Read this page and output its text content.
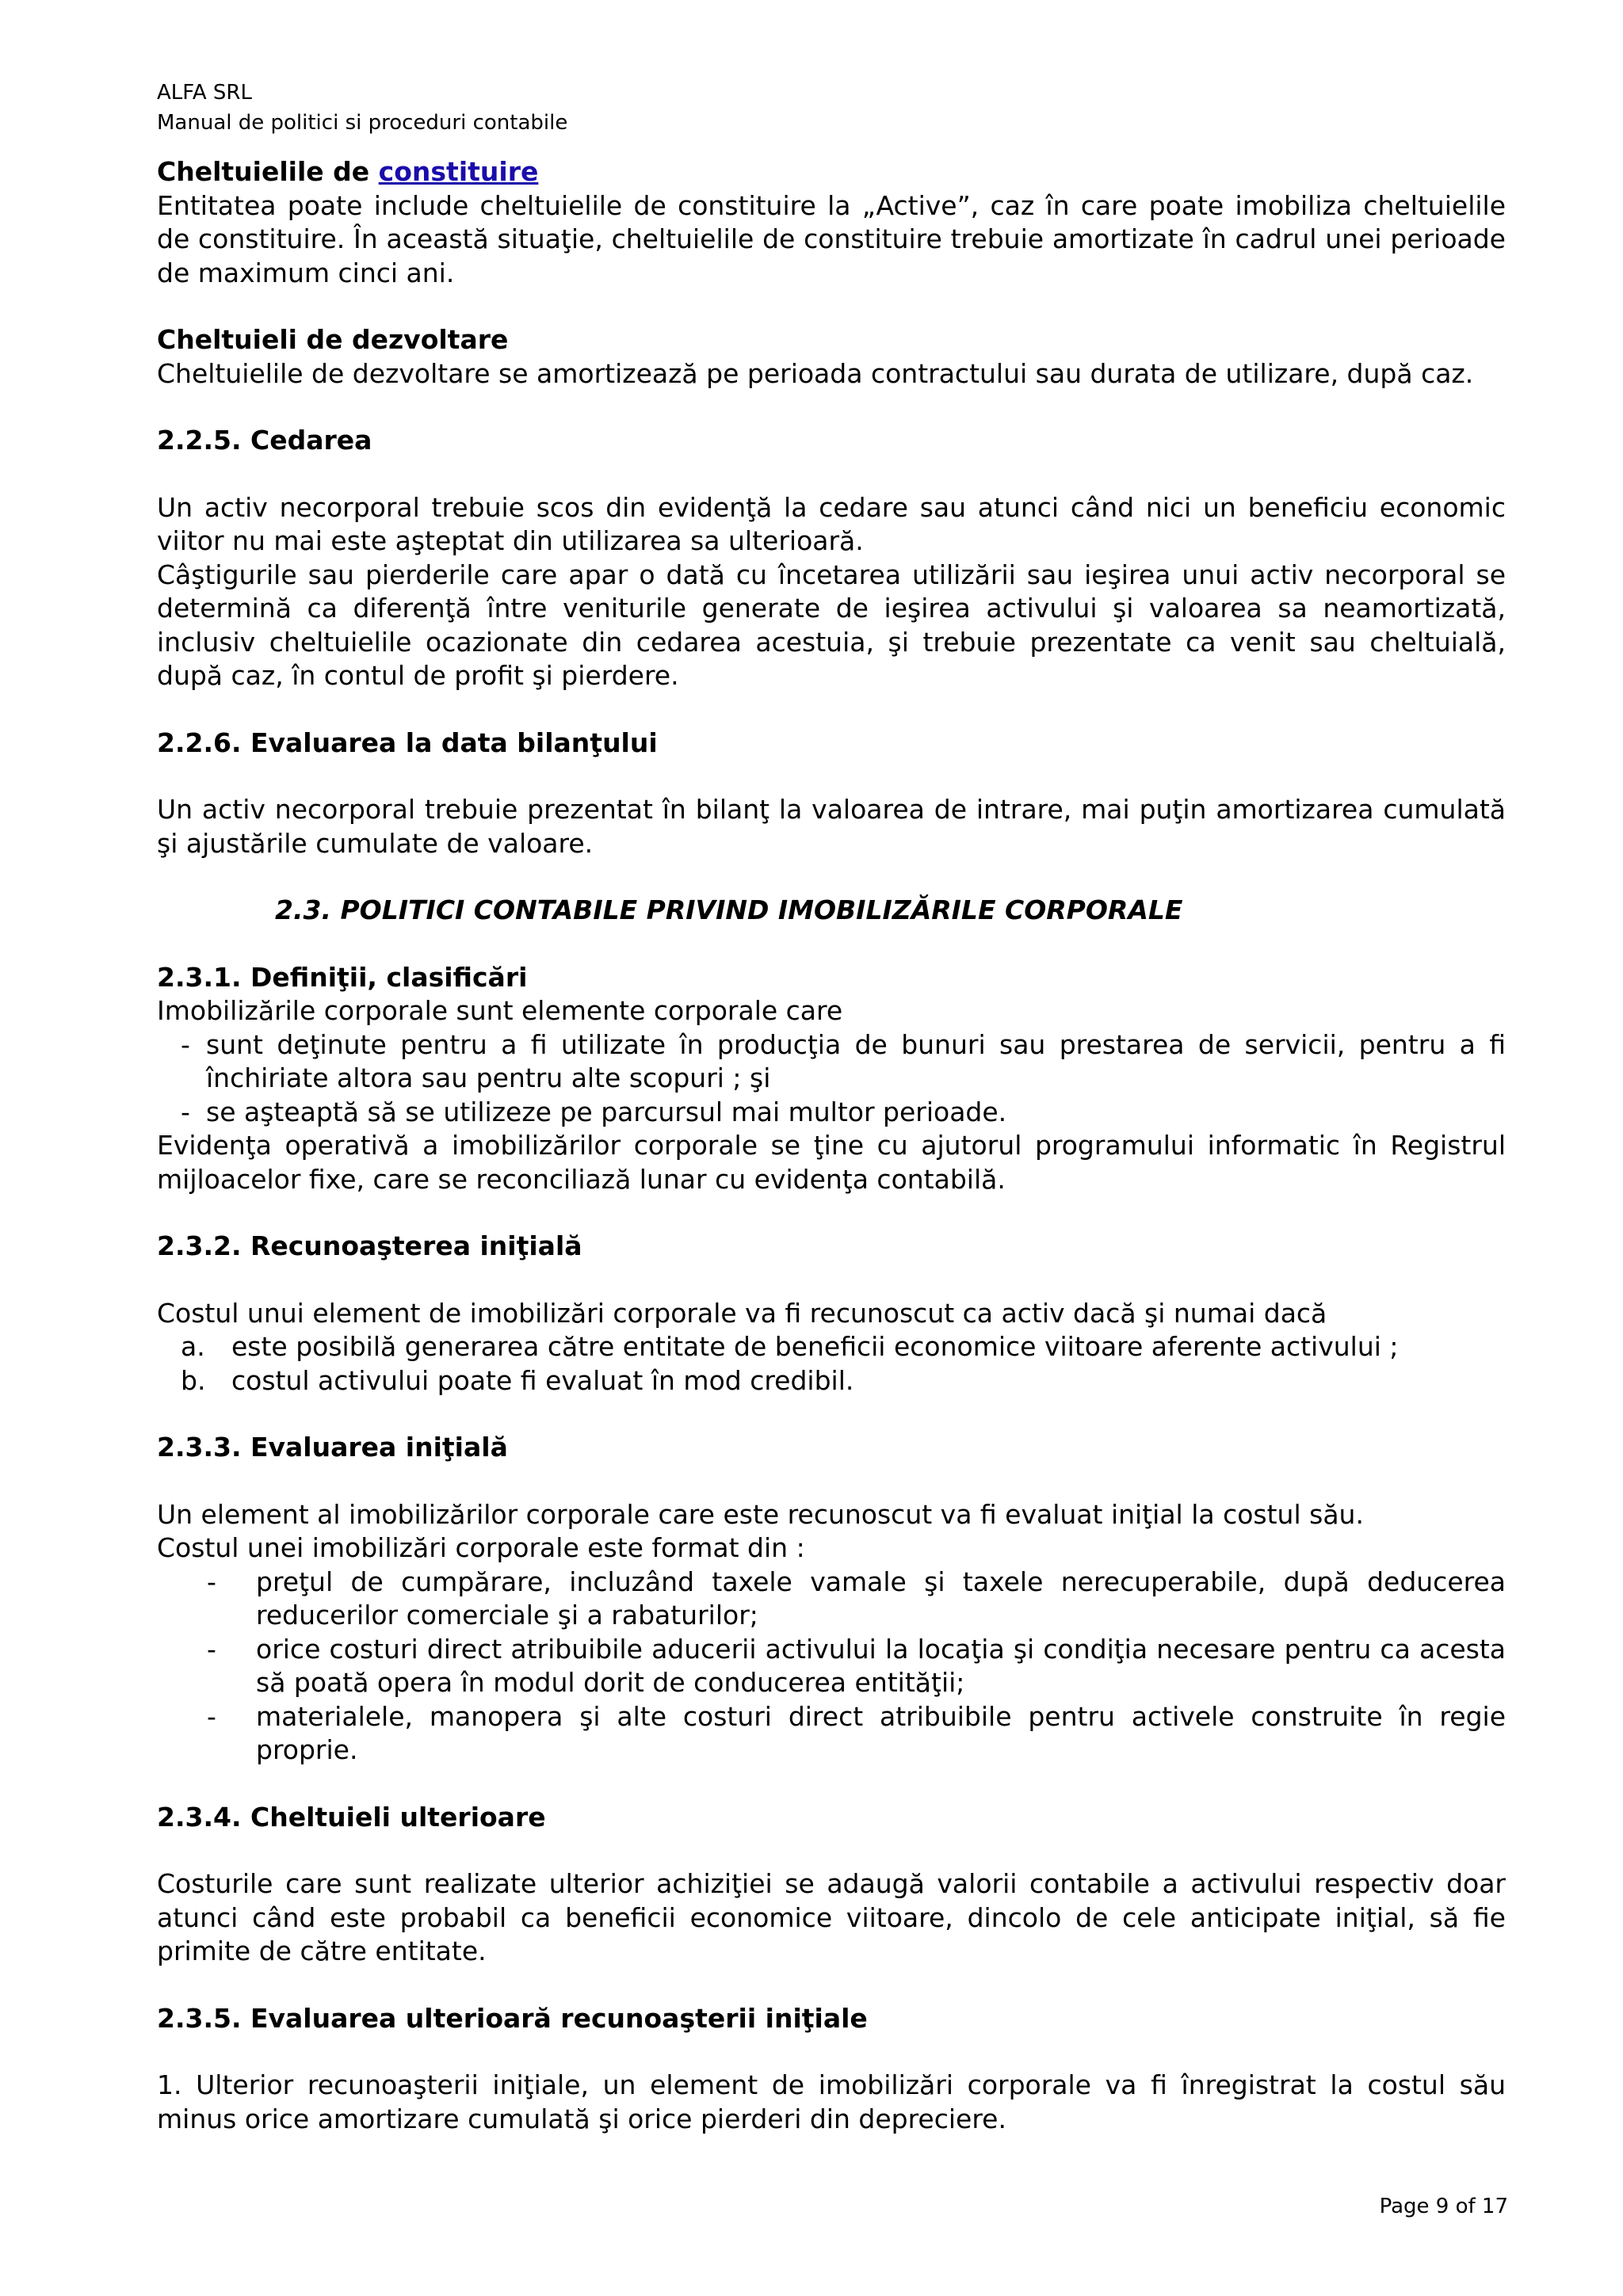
ALFA SRL
Manual de politici si proceduri contabile

Cheltuielile de constituire

Entitatea poate include cheltuielile de constituire la „Active”, caz în care poate imobiliza cheltuielile de constituire. În această situaţie, cheltuielile de constituire trebuie amortizate în cadrul unei perioade de maximum cinci ani.

Cheltuieli de dezvoltare

Cheltuielile de dezvoltare se amortizează pe perioada contractului sau durata de utilizare, după caz.

2.2.5. Cedarea

Un activ necorporal trebuie scos din evidenţă la cedare sau atunci când nici un beneficiu economic viitor nu mai este aşteptat din utilizarea sa ulterioară.

Câştigurile sau pierderile care apar o dată cu încetarea utilizării sau ieşirea unui activ necorporal se determină ca diferenţă între veniturile generate de ieşirea activului şi valoarea sa neamortizată, inclusiv cheltuielile ocazionate din cedarea acestuia, şi trebuie prezentate ca venit sau cheltuială, după caz, în contul de profit şi pierdere.

2.2.6. Evaluarea la data bilanţului

Un activ necorporal trebuie prezentat în bilanţ la valoarea de intrare, mai puţin amortizarea cumulată şi ajustările cumulate de valoare.

2.3. POLITICI CONTABILE PRIVIND IMOBILIZĂRILE CORPORALE

2.3.1. Definiţii, clasificări

Imobilizările corporale sunt elemente corporale care

- sunt deţinute pentru a fi utilizate în producţia de bunuri sau prestarea de servicii, pentru a fi închiriate altora sau pentru alte scopuri ; şi
- se aşteaptă să se utilizeze pe parcursul mai multor perioade.

Evidenţa operativă a imobilizărilor corporale se ţine cu ajutorul programului informatic în Registrul mijloacelor fixe, care se reconciliază lunar cu evidenţa contabilă.

2.3.2. Recunoaşterea iniţială

Costul unui element de imobilizări corporale va fi recunoscut ca activ dacă şi numai dacă

a. este posibilă generarea către entitate de beneficii economice viitoare aferente activului ;
b. costul activului poate fi evaluat în mod credibil.

2.3.3. Evaluarea iniţială

Un element al imobilizărilor corporale care este recunoscut va fi evaluat iniţial la costul său.

Costul unei imobilizări corporale este format din :

- preţul de cumpărare, incluzând taxele vamale şi taxele nerecuperabile, după deducerea reducerilor comerciale şi a rabaturilor;
- orice costuri direct atribuibile aducerii activului la locaţia şi condiţia necesare pentru ca acesta să poată opera în modul dorit de conducerea entităţii;
- materialele, manopera şi alte costuri direct atribuibile pentru activele construite în regie proprie.

2.3.4. Cheltuieli ulterioare

Costurile care sunt realizate ulterior achiziţiei se adaugă valorii contabile a activului respectiv doar atunci când este probabil ca beneficii economice viitoare, dincolo de cele anticipate iniţial, să fie primite de către entitate.

2.3.5. Evaluarea ulterioară recunoaşterii iniţiale

1. Ulterior recunoaşterii iniţiale, un element de imobilizări corporale va fi înregistrat la costul său minus orice amortizare cumulată şi orice pierderi din depreciere.

Page 9 of 17
